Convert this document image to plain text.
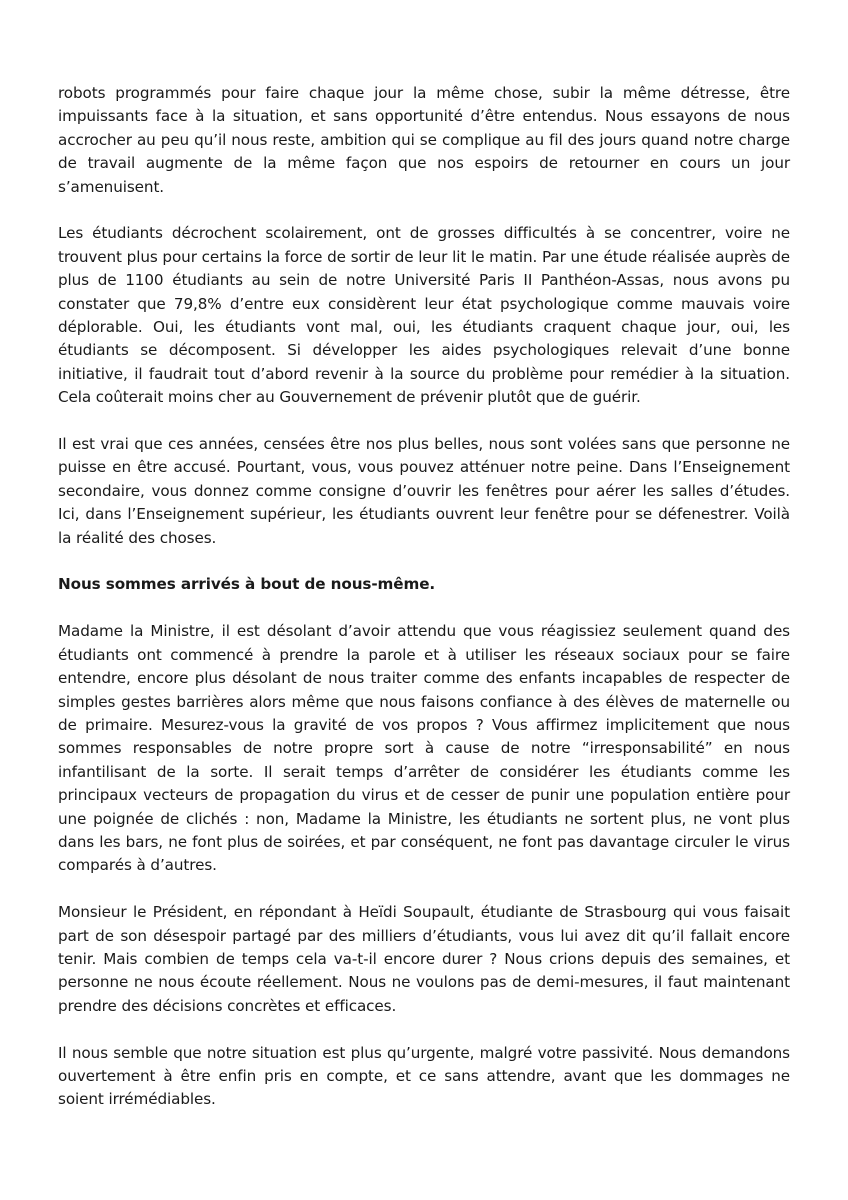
robots programmés pour faire chaque jour la même chose, subir la même détresse, être impuissants face à la situation, et sans opportunité d’être entendus. Nous essayons de nous accrocher au peu qu’il nous reste, ambition qui se complique au fil des jours quand notre charge de travail augmente de la même façon que nos espoirs de retourner en cours un jour s’amenuisent.

Les étudiants décrochent scolairement, ont de grosses difficultés à se concentrer, voire ne trouvent plus pour certains la force de sortir de leur lit le matin. Par une étude réalisée auprès de plus de 1100 étudiants au sein de notre Université Paris II Panthéon-Assas, nous avons pu constater que 79,8% d’entre eux considèrent leur état psychologique comme mauvais voire déplorable. Oui, les étudiants vont mal, oui, les étudiants craquent chaque jour, oui, les étudiants se décomposent. Si développer les aides psychologiques relevait d’une bonne initiative, il faudrait tout d’abord revenir à la source du problème pour remédier à la situation. Cela coûterait moins cher au Gouvernement de prévenir plutôt que de guérir.

Il est vrai que ces années, censées être nos plus belles, nous sont volées sans que personne ne puisse en être accusé. Pourtant, vous, vous pouvez atténuer notre peine. Dans l’Enseignement secondaire, vous donnez comme consigne d’ouvrir les fenêtres pour aérer les salles d’études. Ici, dans l’Enseignement supérieur, les étudiants ouvrent leur fenêtre pour se défenestrer. Voilà la réalité des choses.

Nous sommes arrivés à bout de nous-même.

Madame la Ministre, il est désolant d’avoir attendu que vous réagissiez seulement quand des étudiants ont commencé à prendre la parole et à utiliser les réseaux sociaux pour se faire entendre, encore plus désolant de nous traiter comme des enfants incapables de respecter de simples gestes barrières alors même que nous faisons confiance à des élèves de maternelle ou de primaire. Mesurez-vous la gravité de vos propos ? Vous affirmez implicitement que nous sommes responsables de notre propre sort à cause de notre “irresponsabilité” en nous infantilisant de la sorte. Il serait temps d’arrêter de considérer les étudiants comme les principaux vecteurs de propagation du virus et de cesser de punir une population entière pour une poignée de clichés : non, Madame la Ministre, les étudiants ne sortent plus, ne vont plus dans les bars, ne font plus de soirées, et par conséquent, ne font pas davantage circuler le virus comparés à d’autres.

Monsieur le Président, en répondant à Heïdi Soupault, étudiante de Strasbourg qui vous faisait part de son désespoir partagé par des milliers d’étudiants, vous lui avez dit qu’il fallait encore tenir. Mais combien de temps cela va-t-il encore durer ? Nous crions depuis des semaines, et personne ne nous écoute réellement. Nous ne voulons pas de demi-mesures, il faut maintenant prendre des décisions concrètes et efficaces.

Il nous semble que notre situation est plus qu’urgente, malgré votre passivité. Nous demandons ouvertement à être enfin pris en compte, et ce sans attendre, avant que les dommages ne soient irrémédiables.
